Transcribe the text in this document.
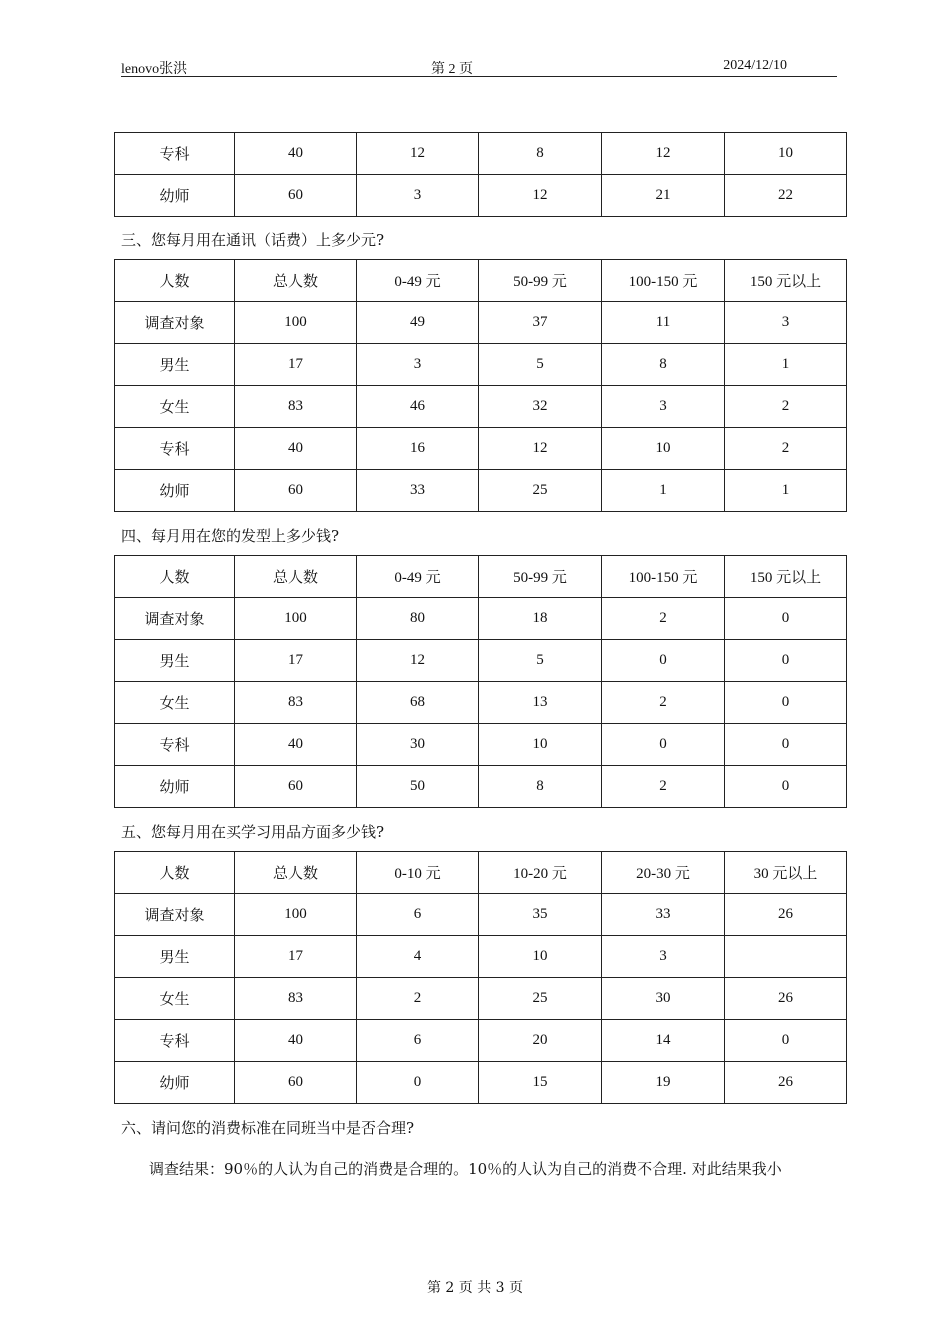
lenovo张洪	第 2 页	2024/12/10
专科	40	12	8	12	10
幼师	60	3	12	21	22
三、您每月用在通讯（话费）上多少元?
人数	总人数	0-49 元	50-99 元	100-150 元	150 元以上
调查对象	100	49	37	11	3
男生	17	3	5	8	1
女生	83	46	32	3	2
专科	40	16	12	10	2
幼师	60	33	25	1	1
四、每月用在您的发型上多少钱?
人数	总人数	0-49 元	50-99 元	100-150 元	150 元以上
调查对象	100	80	18	2	0
男生	17	12	5	0	0
女生	83	68	13	2	0
专科	40	30	10	0	0
幼师	60	50	8	2	0
五、您每月用在买学习用品方面多少钱?
人数	总人数	0-10 元	10-20 元	20-30 元	30 元以上
调查对象	100	6	35	33	26
男生	17	4	10	3	
女生	83	2	25	30	26
专科	40	6	20	14	0
幼师	60	0	15	19	26
六、请问您的消费标准在同班当中是否合理?
调查结果：90％的人认为自己的消费是合理的。10％的人认为自己的消费不合理. 对此结果我小
第 2 页 共 3 页
